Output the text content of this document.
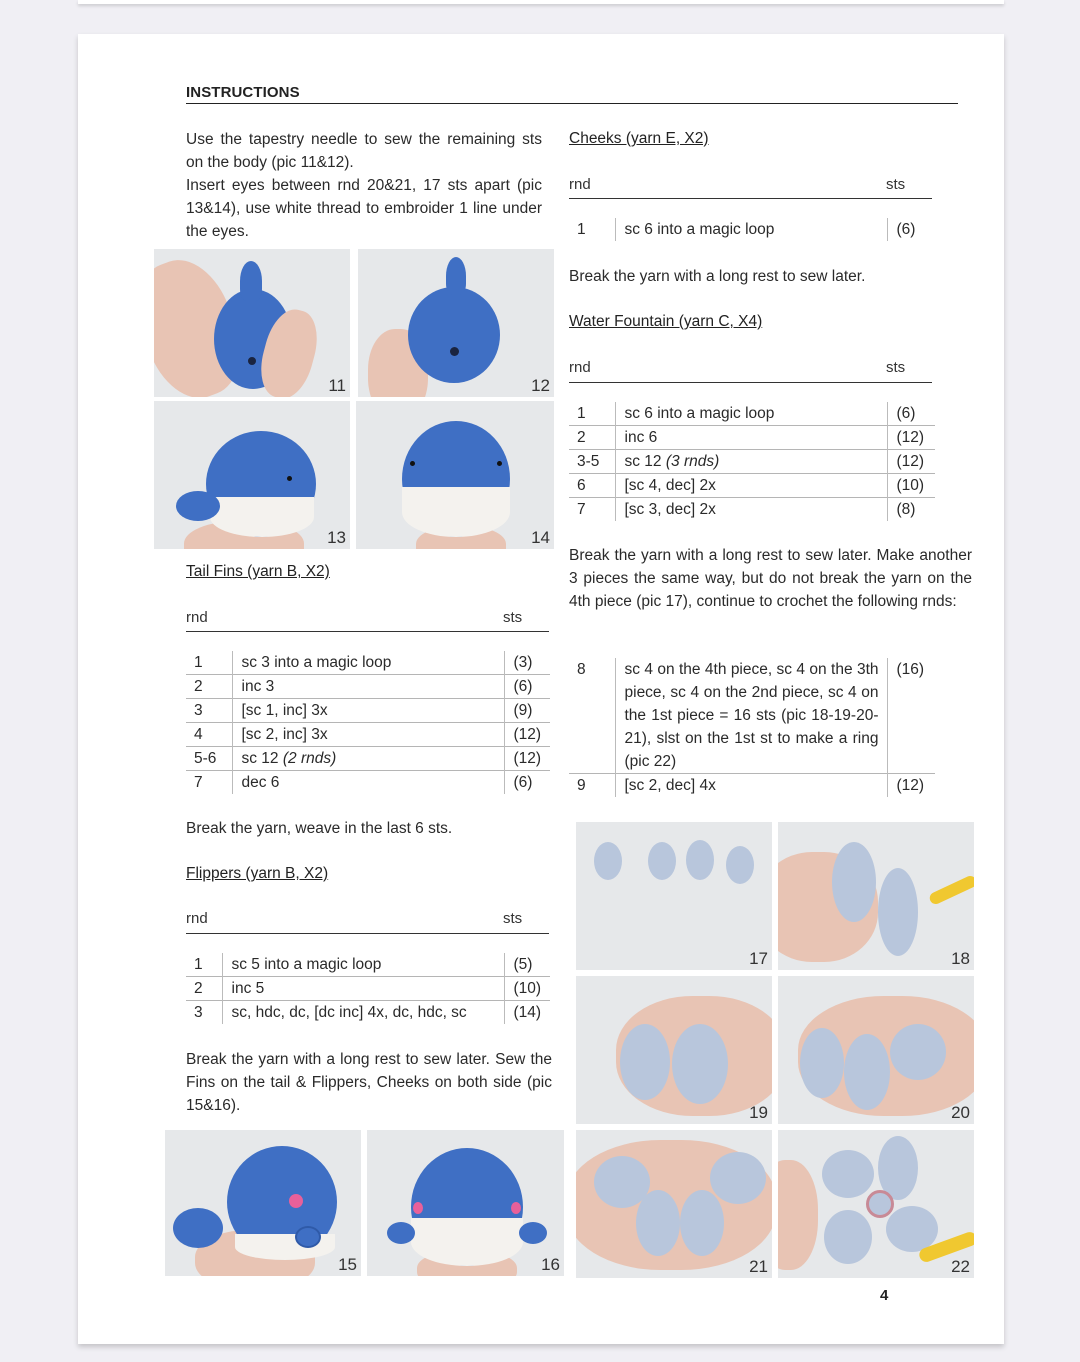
INSTRUCTIONS
Use the tapestry needle to sew the remaining sts on the body (pic 11&12).
Insert eyes between rnd 20&21, 17 sts apart (pic 13&14), use white thread to embroider 1 line under the eyes.
11	12
13	14
Tail Fins (yarn B, X2)
rnd	sts
1	sc 3 into a magic loop	(3)
2	inc 3	(6)
3	[sc 1, inc] 3x	(9)
4	[sc 2, inc] 3x	(12)
5-6	sc 12 (2 rnds)	(12)
7	dec 6	(6)
Break the yarn, weave in the last 6 sts.
Flippers (yarn B, X2)
rnd	sts
1	sc 5 into a magic loop	(5)
2	inc 5	(10)
3	sc, hdc, dc, [dc inc] 4x, dc, hdc, sc	(14)
Break the yarn with a long rest to sew later. Sew the Fins on the tail & Flippers, Cheeks on both side (pic 15&16).
15	16
Cheeks (yarn E, X2)
rnd	sts
1	sc 6 into a magic loop	(6)
Break the yarn with a long rest to sew later.
Water Fountain (yarn C, X4)
rnd	sts
1	sc 6 into a magic loop	(6)
2	inc 6	(12)
3-5	sc 12 (3 rnds)	(12)
6	[sc 4, dec] 2x	(10)
7	[sc 3, dec] 2x	(8)
Break the yarn with a long rest to sew later. Make another 3 pieces the same way, but do not break the yarn on the 4th piece (pic 17), continue to crochet the following rnds:
8	sc 4 on the 4th piece, sc 4 on the 3th piece, sc 4 on the 2nd piece, sc 4 on the 1st piece = 16 sts (pic 18-19-20-21), slst on the 1st st to make a ring (pic 22)	(16)
9	[sc 2, dec] 4x	(12)
17	18
19	20
21	22
4
